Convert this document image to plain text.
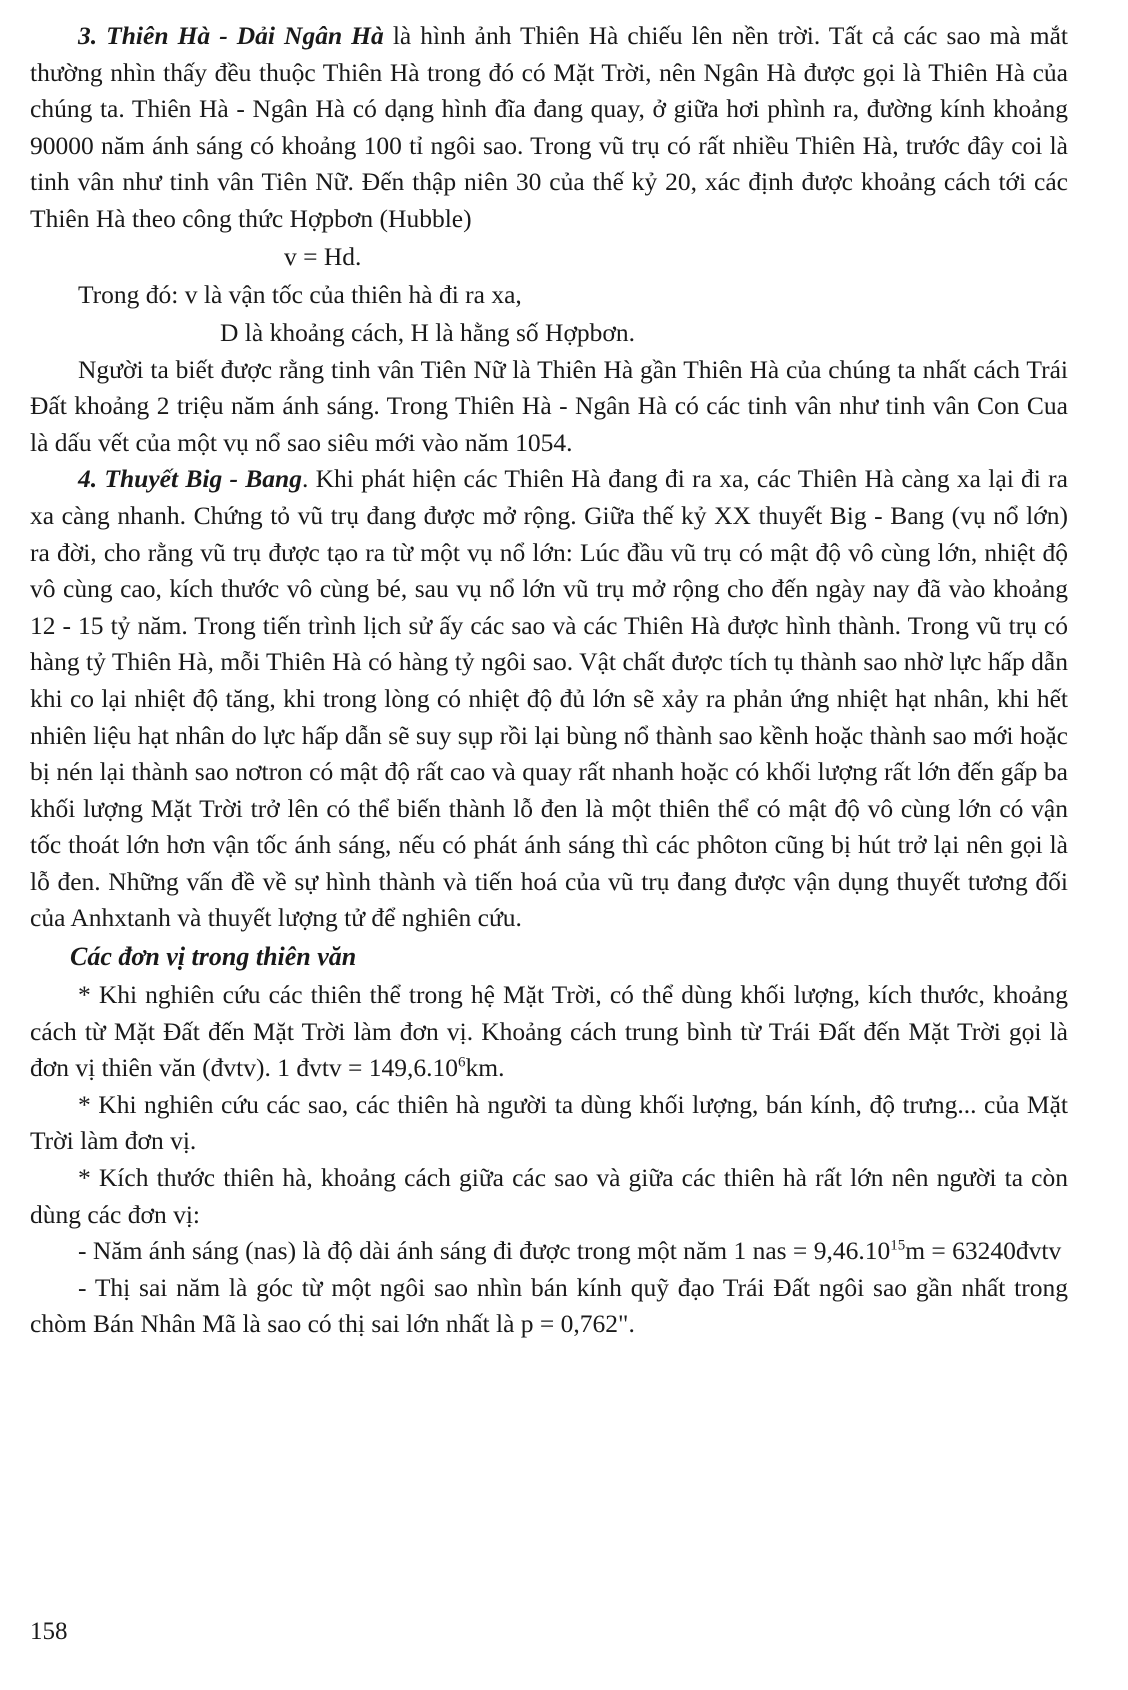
3. Thiên Hà - Dải Ngân Hà là hình ảnh Thiên Hà chiếu lên nền trời. Tất cả các sao mà mắt thường nhìn thấy đều thuộc Thiên Hà trong đó có Mặt Trời, nên Ngân Hà được gọi là Thiên Hà của chúng ta. Thiên Hà - Ngân Hà có dạng hình đĩa đang quay, ở giữa hơi phình ra, đường kính khoảng 90000 năm ánh sáng có khoảng 100 tỉ ngôi sao. Trong vũ trụ có rất nhiều Thiên Hà, trước đây coi là tinh vân như tinh vân Tiên Nữ. Đến thập niên 30 của thế kỷ 20, xác định được khoảng cách tới các Thiên Hà theo công thức Hợpbơn (Hubble)

v = Hd.

Trong đó: v là vận tốc của thiên hà đi ra xa,

D là khoảng cách, H là hằng số Hợpbơn.

Người ta biết được rằng tinh vân Tiên Nữ là Thiên Hà gần Thiên Hà của chúng ta nhất cách Trái Đất khoảng 2 triệu năm ánh sáng. Trong Thiên Hà - Ngân Hà có các tinh vân như tinh vân Con Cua là dấu vết của một vụ nổ sao siêu mới vào năm 1054.

4. Thuyết Big - Bang. Khi phát hiện các Thiên Hà đang đi ra xa, các Thiên Hà càng xa lại đi ra xa càng nhanh. Chứng tỏ vũ trụ đang được mở rộng. Giữa thế kỷ XX thuyết Big - Bang (vụ nổ lớn) ra đời, cho rằng vũ trụ được tạo ra từ một vụ nổ lớn: Lúc đầu vũ trụ có mật độ vô cùng lớn, nhiệt độ vô cùng cao, kích thước vô cùng bé, sau vụ nổ lớn vũ trụ mở rộng cho đến ngày nay đã vào khoảng 12 - 15 tỷ năm. Trong tiến trình lịch sử ấy các sao và các Thiên Hà được hình thành. Trong vũ trụ có hàng tỷ Thiên Hà, mỗi Thiên Hà có hàng tỷ ngôi sao. Vật chất được tích tụ thành sao nhờ lực hấp dẫn khi co lại nhiệt độ tăng, khi trong lòng có nhiệt độ đủ lớn sẽ xảy ra phản ứng nhiệt hạt nhân, khi hết nhiên liệu hạt nhân do lực hấp dẫn sẽ suy sụp rồi lại bùng nổ thành sao kềnh hoặc thành sao mới hoặc bị nén lại thành sao nơtron có mật độ rất cao và quay rất nhanh hoặc có khối lượng rất lớn đến gấp ba khối lượng Mặt Trời trở lên có thể biến thành lỗ đen là một thiên thể có mật độ vô cùng lớn có vận tốc thoát lớn hơn vận tốc ánh sáng, nếu có phát ánh sáng thì các phôton cũng bị hút trở lại nên gọi là lỗ đen. Những vấn đề về sự hình thành và tiến hoá của vũ trụ đang được vận dụng thuyết tương đối của Anhxtanh và thuyết lượng tử để nghiên cứu.

Các đơn vị trong thiên văn

* Khi nghiên cứu các thiên thể trong hệ Mặt Trời, có thể dùng khối lượng, kích thước, khoảng cách từ Mặt Đất đến Mặt Trời làm đơn vị. Khoảng cách trung bình từ Trái Đất đến Mặt Trời gọi là đơn vị thiên văn (đvtv). 1 đvtv = $149,6.10^6km$.

* Khi nghiên cứu các sao, các thiên hà người ta dùng khối lượng, bán kính, độ trưng... của Mặt Trời làm đơn vị.

* Kích thước thiên hà, khoảng cách giữa các sao và giữa các thiên hà rất lớn nên người ta còn dùng các đơn vị:

- Năm ánh sáng (nas) là độ dài ánh sáng đi được trong một năm 1 nas = $9,46.10^{15}m$ = 63240đvtv

- Thị sai năm là góc từ một ngôi sao nhìn bán kính quỹ đạo Trái Đất ngôi sao gần nhất trong chòm Bán Nhân Mã là sao có thị sai lớn nhất là p = 0,762".

158
